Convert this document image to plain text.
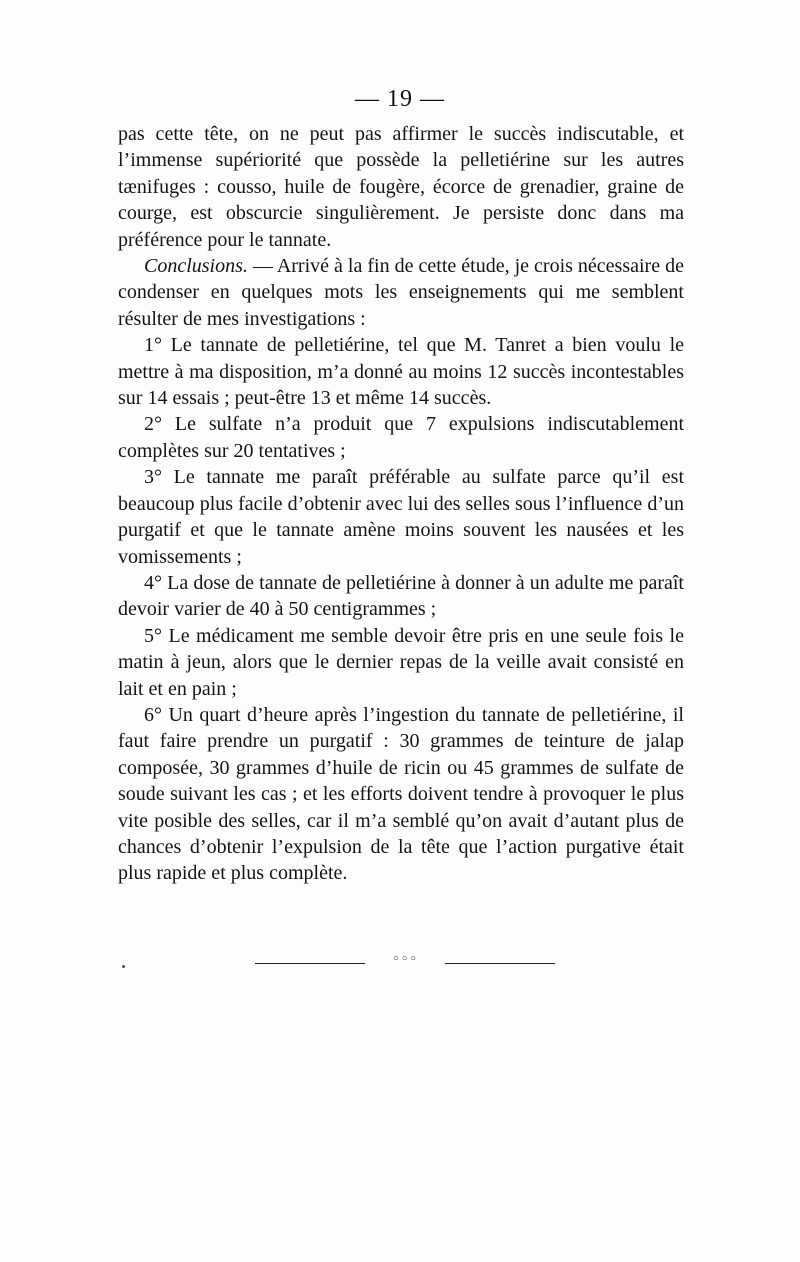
— 19 —

pas cette tête, on ne peut pas affirmer le succès indiscutable, et l’immense supériorité que possède la pelletiérine sur les autres tænifuges : cousso, huile de fougère, écorce de grenadier, graine de courge, est obscurcie singulièrement. Je persiste donc dans ma préférence pour le tannate.

Conclusions. — Arrivé à la fin de cette étude, je crois nécessaire de condenser en quelques mots les enseignements qui me semblent résulter de mes investigations :

1° Le tannate de pelletiérine, tel que M. Tanret a bien voulu le mettre à ma disposition, m’a donné au moins 12 succès incontestables sur 14 essais ; peut-être 13 et même 14 succès.

2° Le sulfate n’a produit que 7 expulsions indiscutablement complètes sur 20 tentatives ;

3° Le tannate me paraît préférable au sulfate parce qu’il est beaucoup plus facile d’obtenir avec lui des selles sous l’influence d’un purgatif et que le tannate amène moins souvent les nausées et les vomissements ;

4° La dose de tannate de pelletiérine à donner à un adulte me paraît devoir varier de 40 à 50 centigrammes ;

5° Le médicament me semble devoir être pris en une seule fois le matin à jeun, alors que le dernier repas de la veille avait consisté en lait et en pain ;

6° Un quart d’heure après l’ingestion du tannate de pelletiérine, il faut faire prendre un purgatif : 30 grammes de teinture de jalap composée, 30 grammes d’huile de ricin ou 45 grammes de sulfate de soude suivant les cas ; et les efforts doivent tendre à provoquer le plus vite posible des selles, car il m’a semblé qu’on avait d’autant plus de chances d’obtenir l’expulsion de la tête que l’action purgative était plus rapide et plus complète.

◦◦◦
